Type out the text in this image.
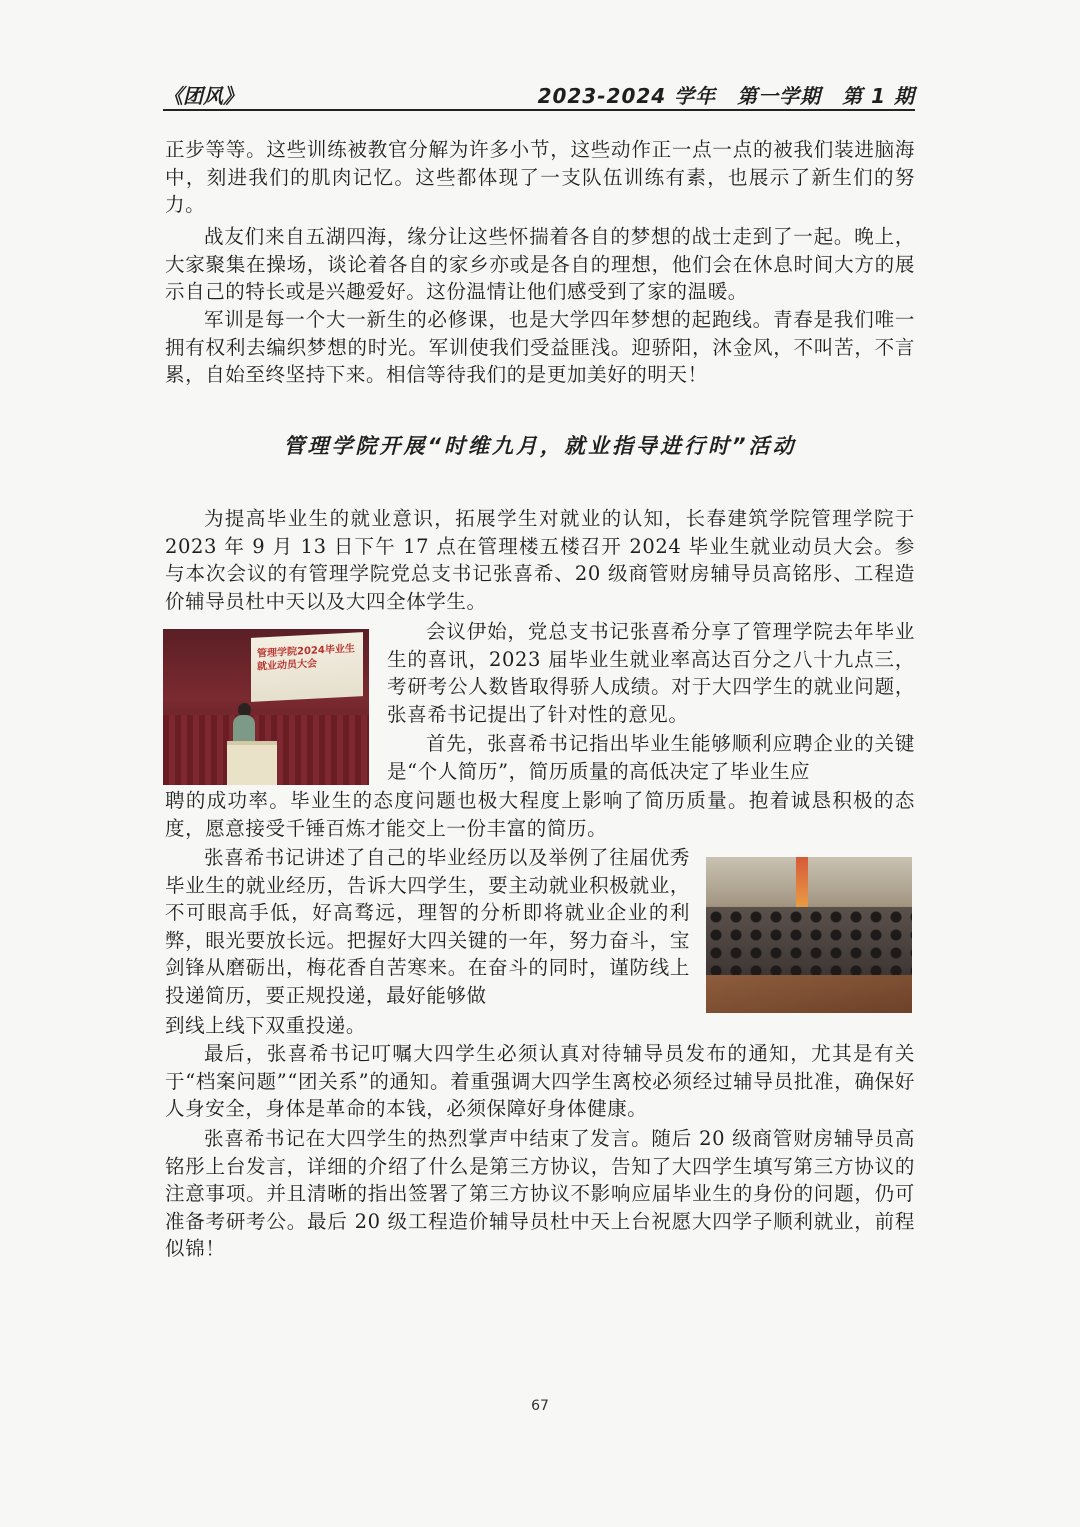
《团风》	2023-2024 学年　第一学期　第 1 期

正步等等。这些训练被教官分解为许多小节，这些动作正一点一点的被我们装进脑海中，刻进我们的肌肉记忆。这些都体现了一支队伍训练有素，也展示了新生们的努力。

战友们来自五湖四海，缘分让这些怀揣着各自的梦想的战士走到了一起。晚上，大家聚集在操场，谈论着各自的家乡亦或是各自的理想，他们会在休息时间大方的展示自己的特长或是兴趣爱好。这份温情让他们感受到了家的温暖。

军训是每一个大一新生的必修课，也是大学四年梦想的起跑线。青春是我们唯一拥有权利去编织梦想的时光。军训使我们受益匪浅。迎骄阳，沐金风，不叫苦，不言累，自始至终坚持下来。相信等待我们的是更加美好的明天！

管理学院开展“时维九月，就业指导进行时”活动

为提高毕业生的就业意识，拓展学生对就业的认知，长春建筑学院管理学院于 2023 年 9 月 13 日下午 17 点在管理楼五楼召开 2024 毕业生就业动员大会。参与本次会议的有管理学院党总支书记张喜希、20 级商管财房辅导员高铭彤、工程造价辅导员杜中天以及大四全体学生。

管理学院2024毕业生
就业动员大会

会议伊始，党总支书记张喜希分享了管理学院去年毕业生的喜讯，2023 届毕业生就业率高达百分之八十九点三，考研考公人数皆取得骄人成绩。对于大四学生的就业问题，张喜希书记提出了针对性的意见。

首先，张喜希书记指出毕业生能够顺利应聘企业的关键是“个人简历”，简历质量的高低决定了毕业生应

聘的成功率。毕业生的态度问题也极大程度上影响了简历质量。抱着诚恳积极的态度，愿意接受千锤百炼才能交上一份丰富的简历。

张喜希书记讲述了自己的毕业经历以及举例了往届优秀毕业生的就业经历，告诉大四学生，要主动就业积极就业，不可眼高手低，好高骛远，理智的分析即将就业企业的利弊，眼光要放长远。把握好大四关键的一年，努力奋斗，宝剑锋从磨砺出，梅花香自苦寒来。在奋斗的同时，谨防线上投递简历，要正规投递，最好能够做

到线上线下双重投递。

最后，张喜希书记叮嘱大四学生必须认真对待辅导员发布的通知，尤其是有关于“档案问题”“团关系”的通知。着重强调大四学生离校必须经过辅导员批准，确保好人身安全，身体是革命的本钱，必须保障好身体健康。

张喜希书记在大四学生的热烈掌声中结束了发言。随后 20 级商管财房辅导员高铭彤上台发言，详细的介绍了什么是第三方协议，告知了大四学生填写第三方协议的注意事项。并且清晰的指出签署了第三方协议不影响应届毕业生的身份的问题，仍可准备考研考公。最后 20 级工程造价辅导员杜中天上台祝愿大四学子顺利就业，前程似锦！

67
